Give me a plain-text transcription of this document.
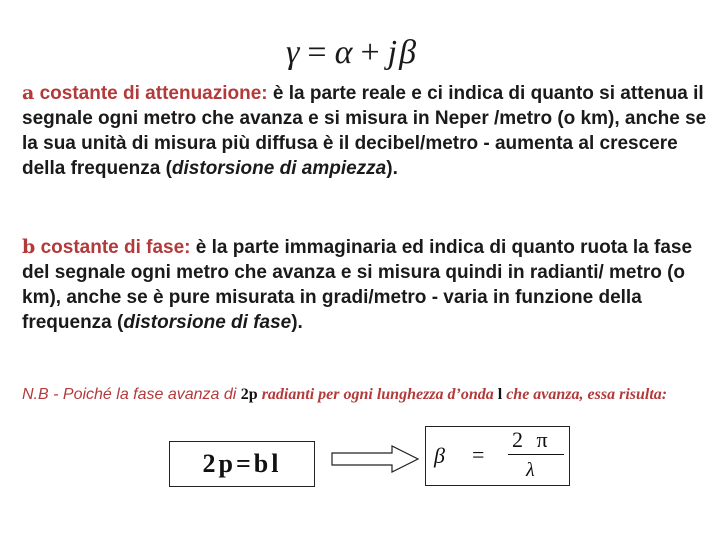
γ = α + jβ
a costante di attenuazione: è la parte reale e ci indica di quanto si attenua il segnale ogni metro che avanza e si misura in Neper /metro (o km), anche se la sua unità di misura più diffusa è il decibel/metro - aumenta al crescere della frequenza (distorsione di ampiezza).
b costante di fase: è la parte immaginaria ed indica di quanto ruota la fase del segnale ogni metro che avanza e si misura quindi in radianti/ metro (o km), anche se è pure misurata in gradi/metro - varia in funzione della frequenza (distorsione di fase).
N.B - Poiché la fase avanza di 2p radianti per ogni lunghezza d’onda l che avanza, essa risulta:
2p=bl	β =
2 π
λ
